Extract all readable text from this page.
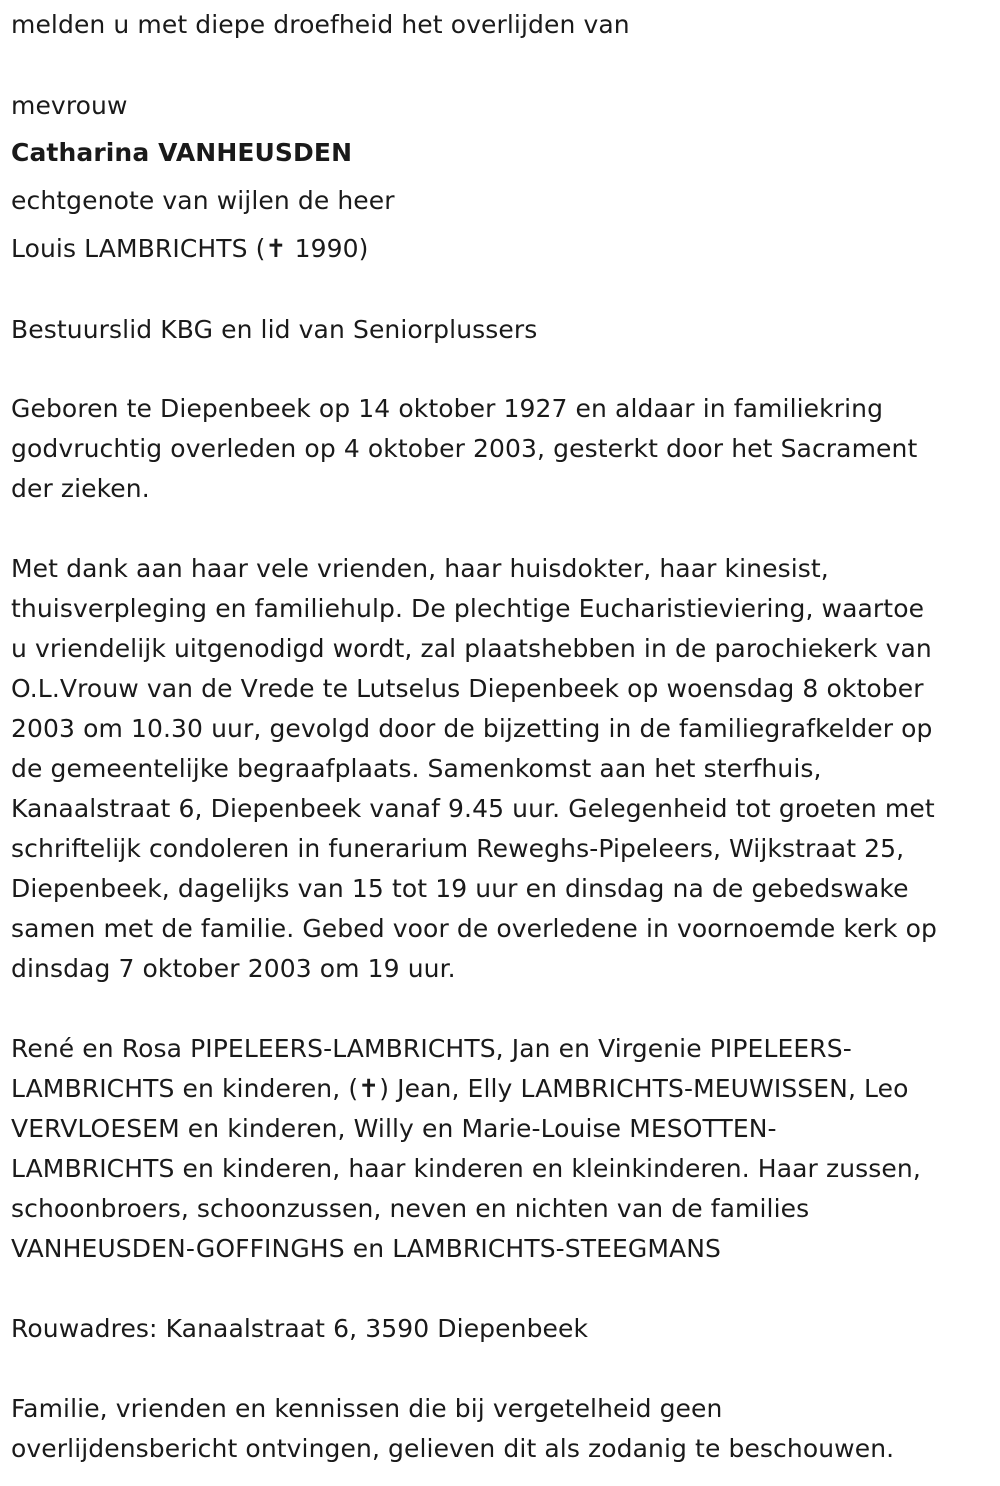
melden u met diepe droefheid het overlijden van
mevrouw
Catharina VANHEUSDEN
echtgenote van wijlen de heer
Louis LAMBRICHTS (✝ 1990)
Bestuurslid KBG en lid van Seniorplussers
Geboren te Diepenbeek op 14 oktober 1927 en aldaar in familiekring
godvruchtig overleden op 4 oktober 2003, gesterkt door het Sacrament
der zieken.
Met dank aan haar vele vrienden, haar huisdokter, haar kinesist,
thuisverpleging en familiehulp. De plechtige Eucharistieviering, waartoe
u vriendelijk uitgenodigd wordt, zal plaatshebben in de parochiekerk van
O.L.Vrouw van de Vrede te Lutselus Diepenbeek op woensdag 8 oktober
2003 om 10.30 uur, gevolgd door de bijzetting in de familiegrafkelder op
de gemeentelijke begraafplaats. Samenkomst aan het sterfhuis,
Kanaalstraat 6, Diepenbeek vanaf 9.45 uur. Gelegenheid tot groeten met
schriftelijk condoleren in funerarium Reweghs-Pipeleers, Wijkstraat 25,
Diepenbeek, dagelijks van 15 tot 19 uur en dinsdag na de gebedswake
samen met de familie. Gebed voor de overledene in voornoemde kerk op
dinsdag 7 oktober 2003 om 19 uur.
René en Rosa PIPELEERS-LAMBRICHTS, Jan en Virgenie PIPELEERS-
LAMBRICHTS en kinderen, (✝) Jean, Elly LAMBRICHTS-MEUWISSEN, Leo
VERVLOESEM en kinderen, Willy en Marie-Louise MESOTTEN-
LAMBRICHTS en kinderen, haar kinderen en kleinkinderen. Haar zussen,
schoonbroers, schoonzussen, neven en nichten van de families
VANHEUSDEN-GOFFINGHS en LAMBRICHTS-STEEGMANS
Rouwadres: Kanaalstraat 6, 3590 Diepenbeek
Familie, vrienden en kennissen die bij vergetelheid geen
overlijdensbericht ontvingen, gelieven dit als zodanig te beschouwen.
